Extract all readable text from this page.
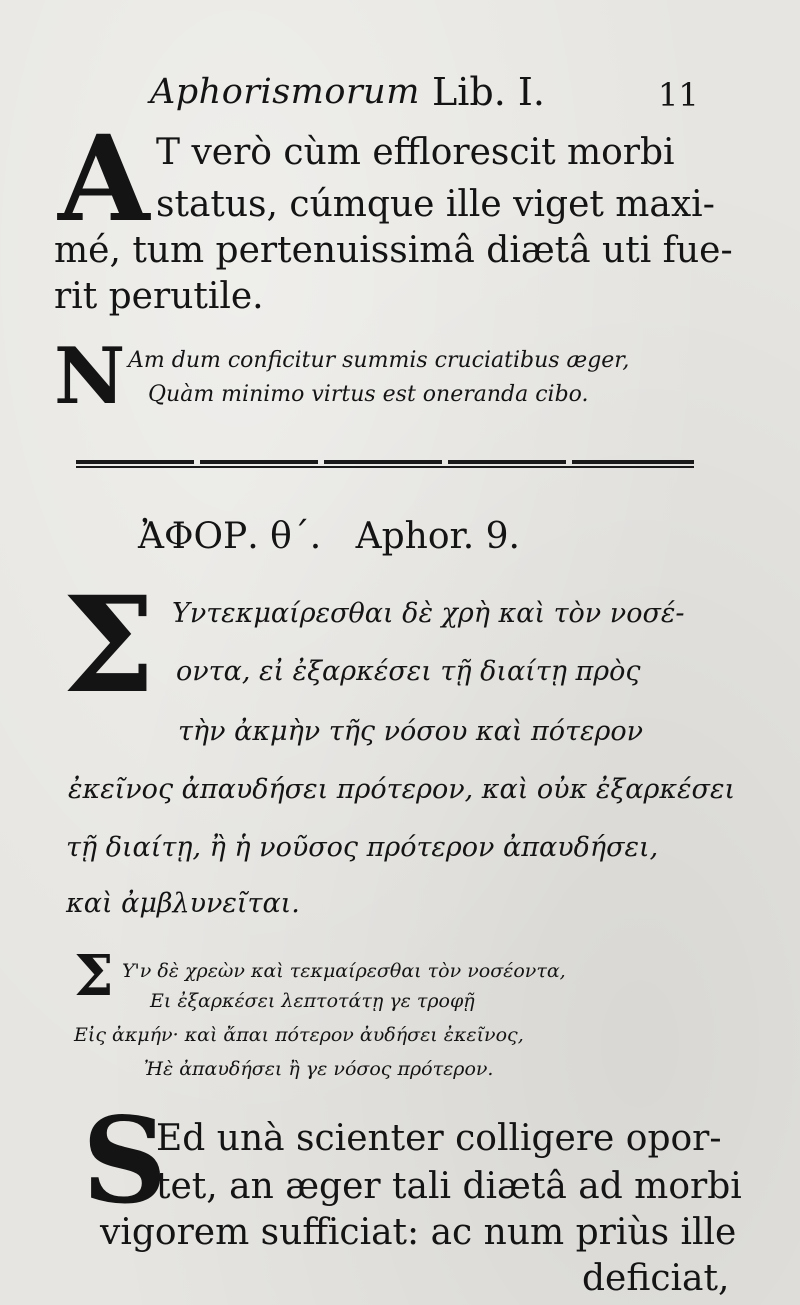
Aphorismorum Lib. I.	11
A T verò cùm efflorescit morbi
status, cúmque ille viget maxi-
mé, tum pertenuissimâ diætâ uti fue-
rit perutile.
N Am dum conficitur summis cruciatibus æger,
Quàm minimo virtus est oneranda cibo.
ἈΦΟΡ. θ΄. Aphor. 9.
Σ Υντεκμαίρεσθαι δὲ χρὴ καὶ τὸν νοσέ-
οντα, εἰ ἐξαρκέσει τῇ διαίτῃ πρὸς
τὴν ἀκμὴν τῆς νόσου καὶ πότερον
ἐκεῖνος ἀπαυδήσει πρότερον, καὶ οὐκ ἐξαρκέσει
τῇ διαίτῃ, ἢ ἡ νοῦσος πρότερον ἀπαυδήσει,
καὶ ἀμβλυνεῖται.
Σ Υ'ν δὲ χρεὼν καὶ τεκμαίρεσθαι τὸν νοσέοντα,
Ει ἐξαρκέσει λεπτοτάτῃ γε τροφῇ
Εἰς ἀκμήν· καὶ ἄπαι πότερον ἀυδήσει ἐκεῖνος,
Ἠὲ ἀπαυδήσει ἢ γε νόσος πρότερον.
S
Ed unà scienter colligere opor-
tet, an æger tali diætâ ad morbi
vigorem sufficiat: ac num priùs ille
deficiat,
